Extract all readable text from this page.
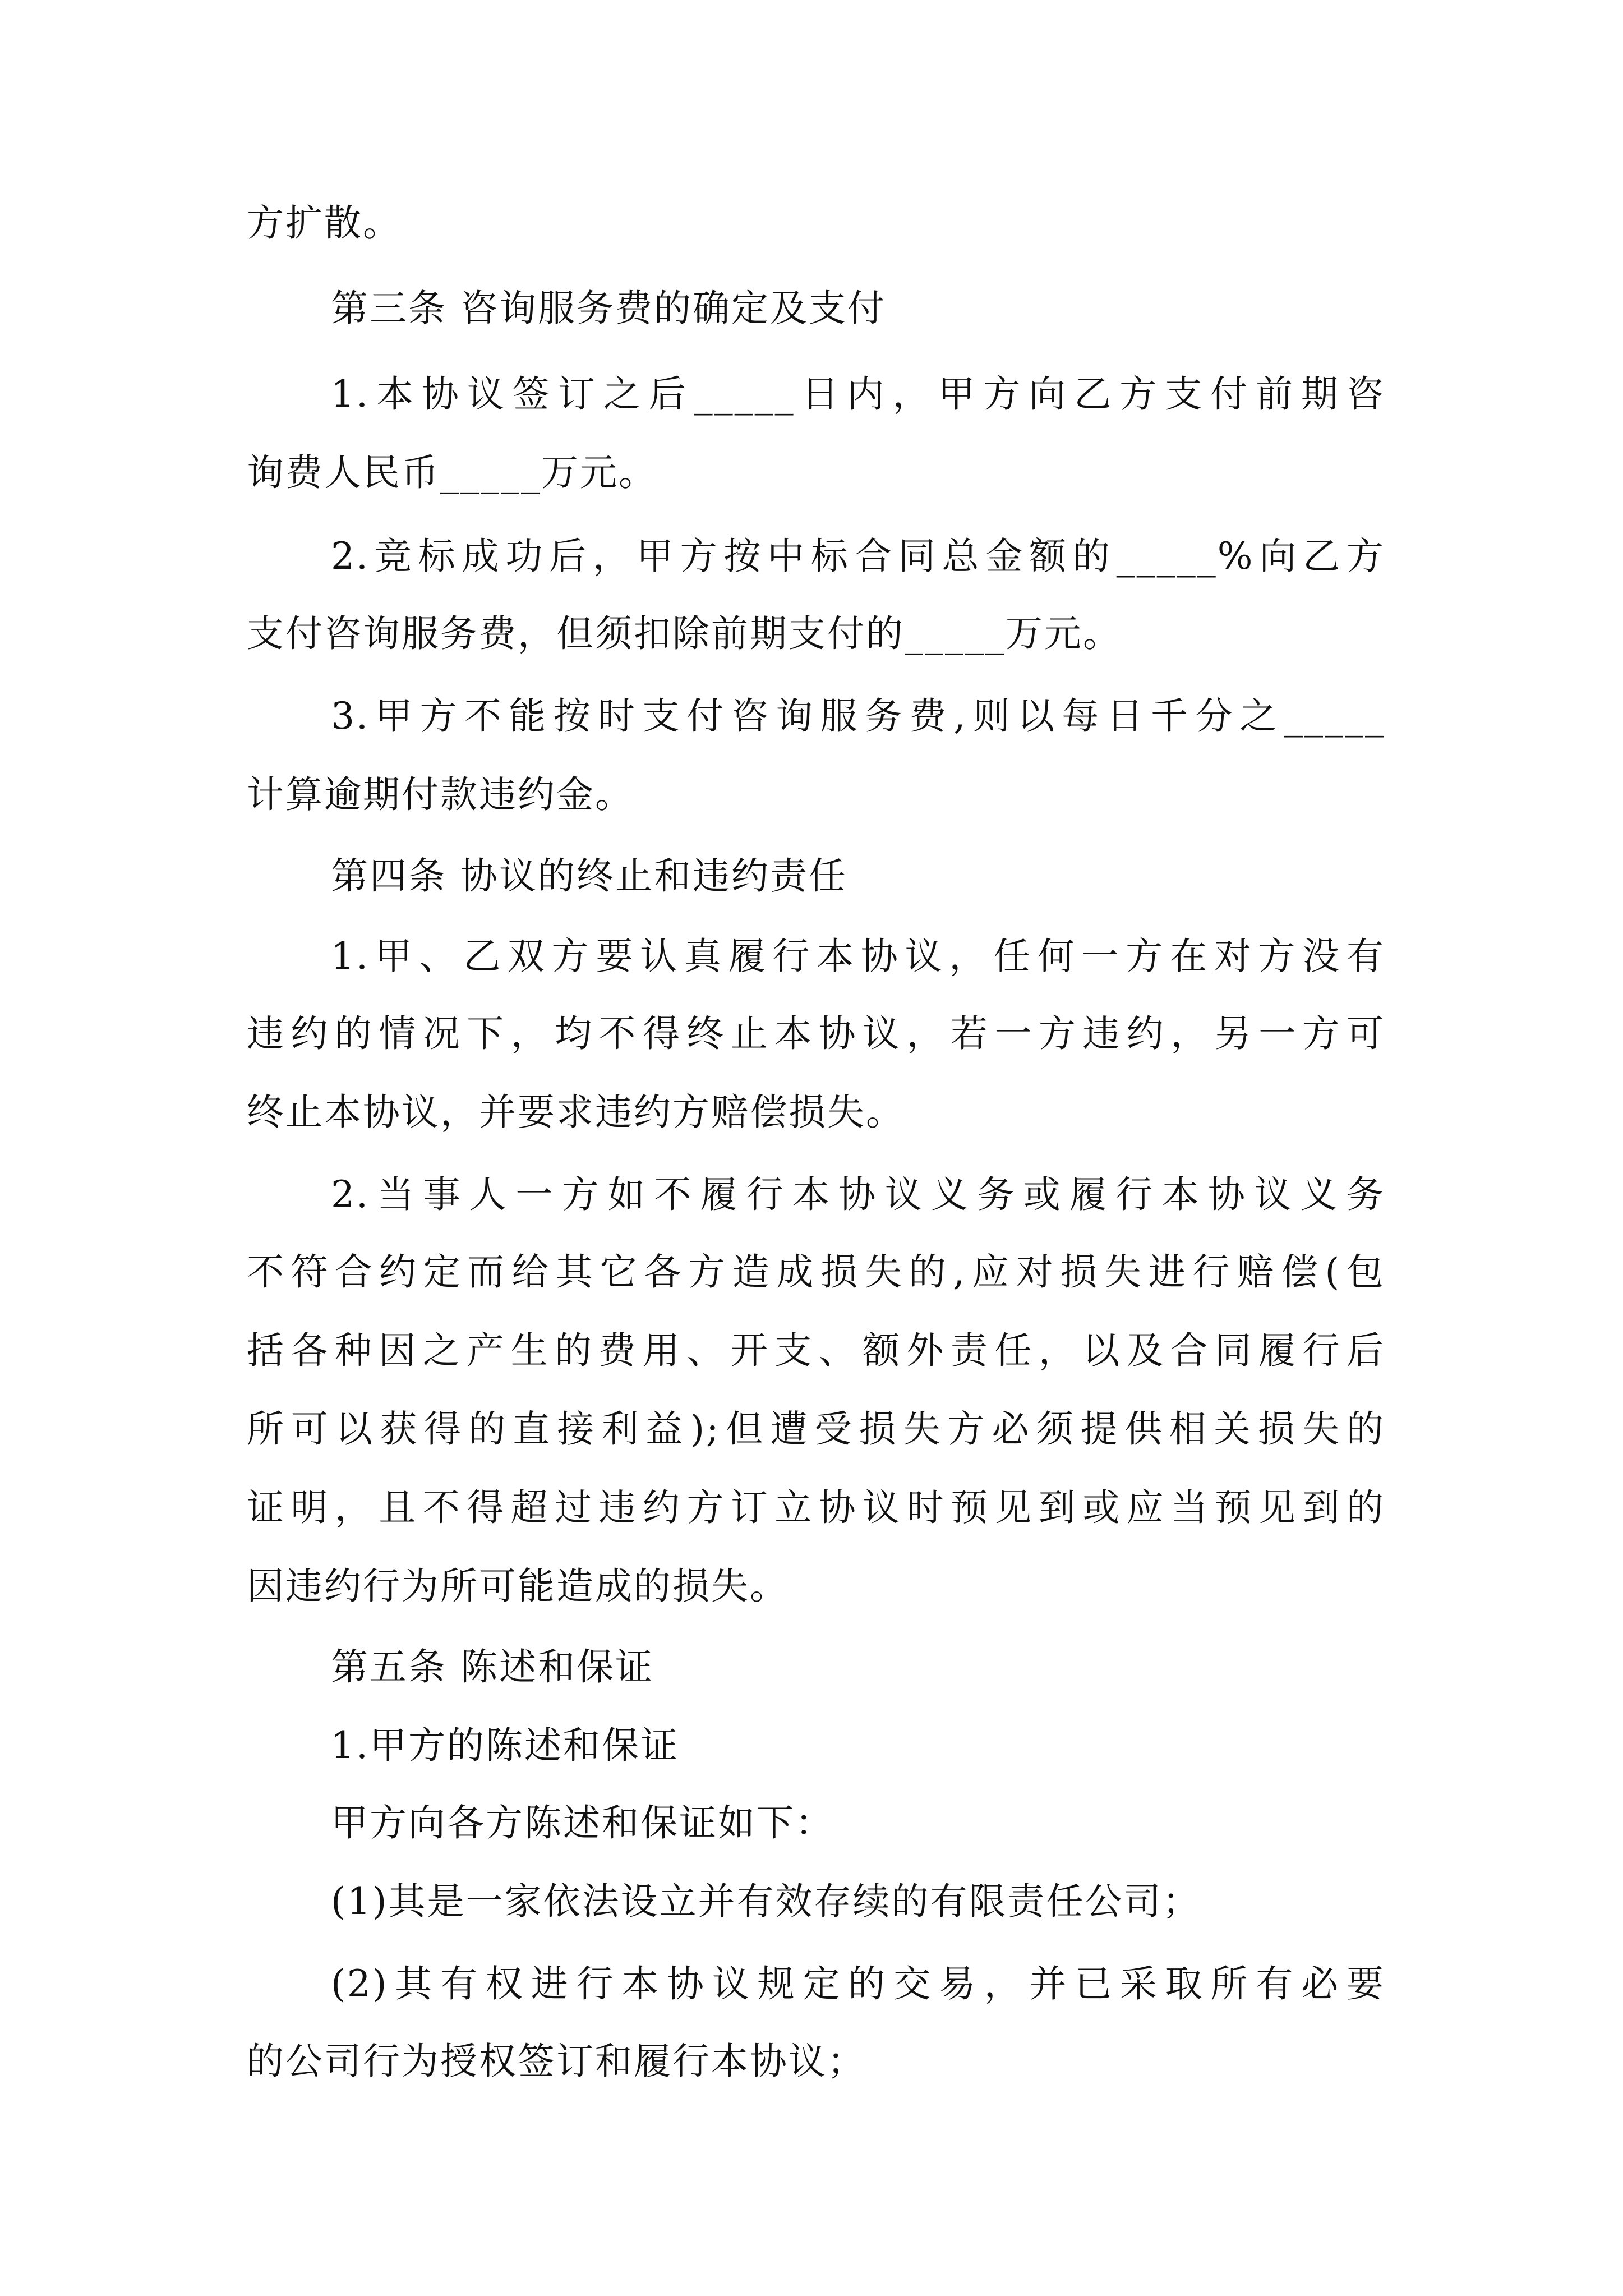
方扩散。
第三条 咨询服务费的确定及支付
1.本协议签订之后_____日内，甲方向乙方支付前期咨
询费人民币_____万元。
2.竞标成功后，甲方按中标合同总金额的_____%向乙方
支付咨询服务费，但须扣除前期支付的_____万元。
3.甲方不能按时支付咨询服务费,则以每日千分之_____
计算逾期付款违约金。
第四条 协议的终止和违约责任
1.甲、乙双方要认真履行本协议，任何一方在对方没有
违约的情况下，均不得终止本协议，若一方违约，另一方可
终止本协议，并要求违约方赔偿损失。
2.当事人一方如不履行本协议义务或履行本协议义务
不符合约定而给其它各方造成损失的,应对损失进行赔偿(包
括各种因之产生的费用、开支、额外责任，以及合同履行后
所可以获得的直接利益);但遭受损失方必须提供相关损失的
证明，且不得超过违约方订立协议时预见到或应当预见到的
因违约行为所可能造成的损失。
第五条 陈述和保证
1.甲方的陈述和保证
甲方向各方陈述和保证如下：
(1)其是一家依法设立并有效存续的有限责任公司；
(2)其有权进行本协议规定的交易，并已采取所有必要
的公司行为授权签订和履行本协议；
